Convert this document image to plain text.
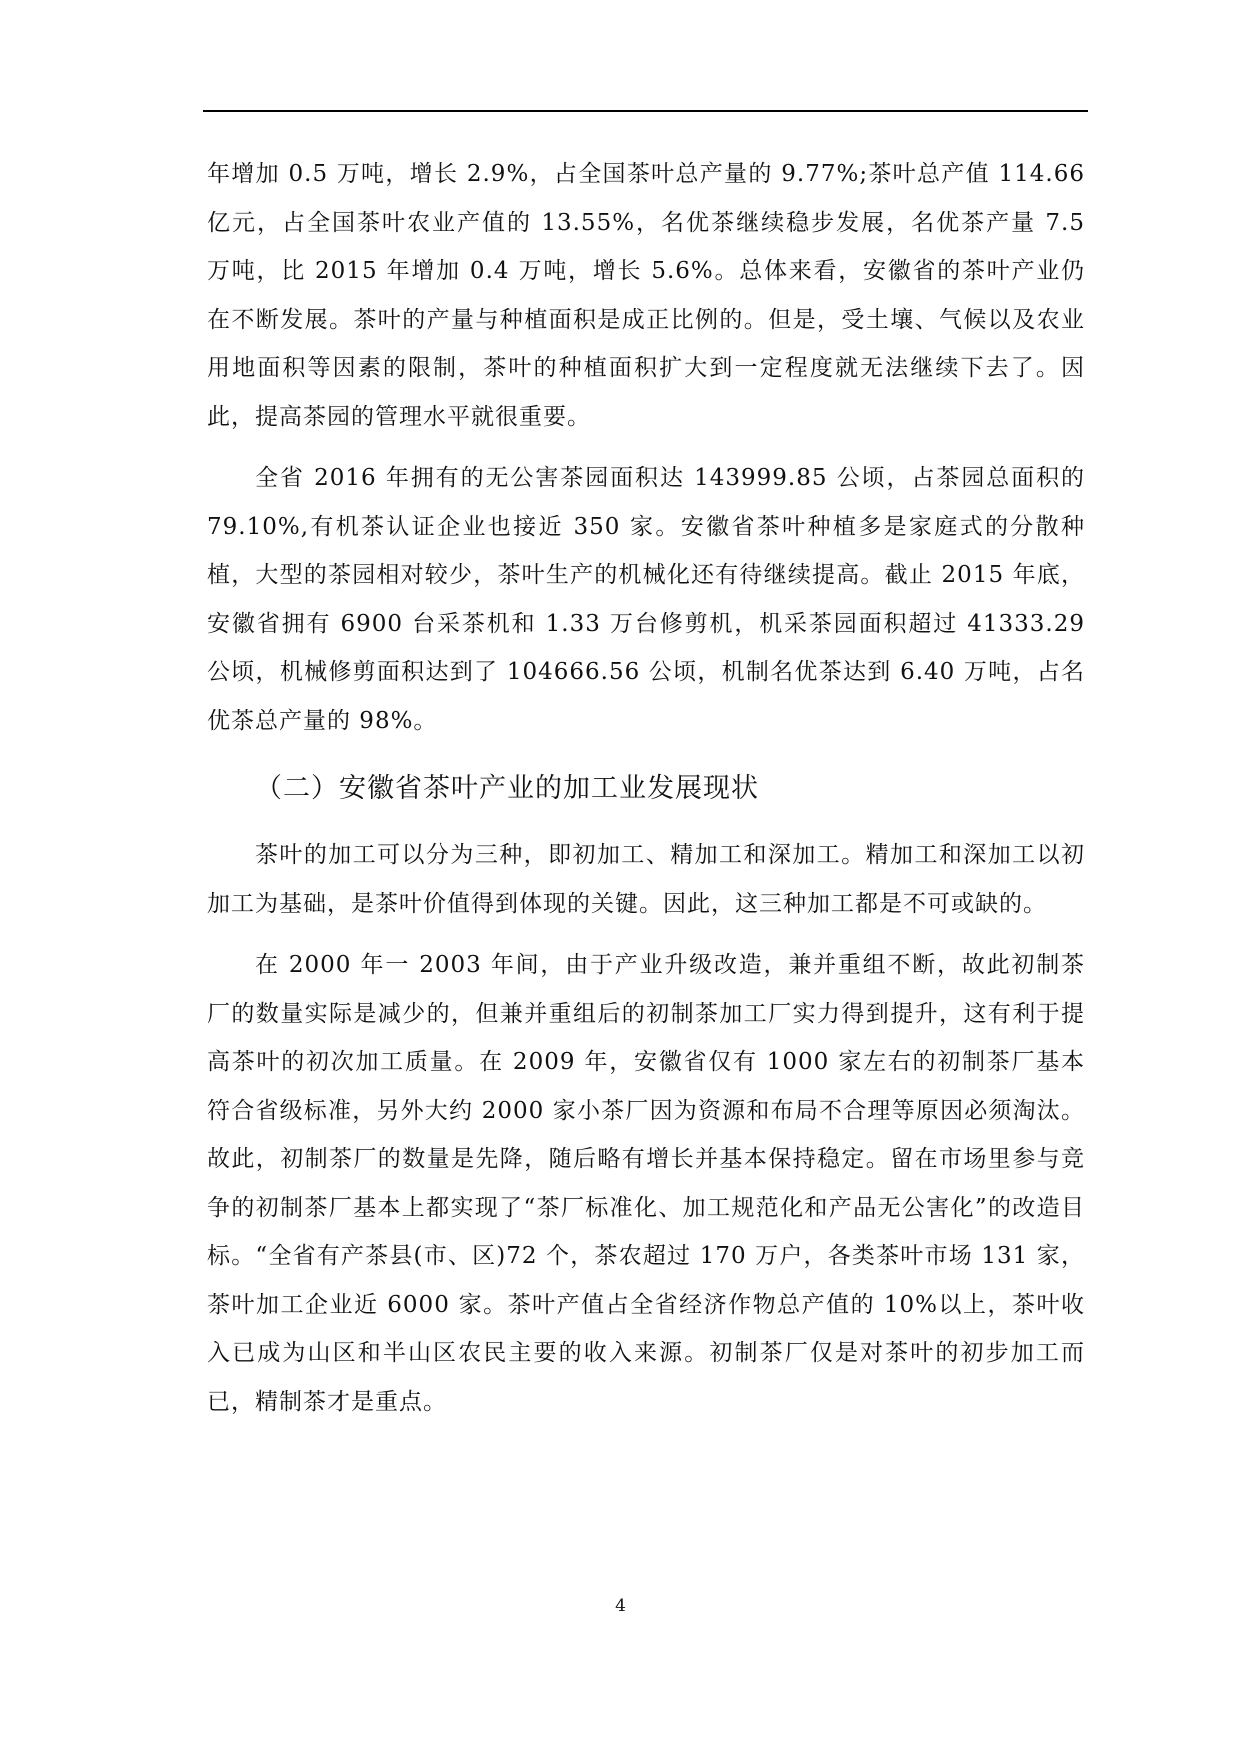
年增加 0.5 万吨，增长 2.9%，占全国茶叶总产量的 9.77%;茶叶总产值 114.66 亿元，占全国茶叶农业产值的 13.55%，名优茶继续稳步发展，名优茶产量 7.5 万吨，比 2015 年增加 0.4 万吨，增长 5.6%。总体来看，安徽省的茶叶产业仍在不断发展。茶叶的产量与种植面积是成正比例的。但是，受土壤、气候以及农业用地面积等因素的限制，茶叶的种植面积扩大到一定程度就无法继续下去了。因此，提高茶园的管理水平就很重要。

全省 2016 年拥有的无公害茶园面积达 143999.85 公顷，占茶园总面积的 79.10%,有机茶认证企业也接近 350 家。安徽省茶叶种植多是家庭式的分散种植，大型的茶园相对较少，茶叶生产的机械化还有待继续提高。截止 2015 年底，安徽省拥有 6900 台采茶机和 1.33 万台修剪机，机采茶园面积超过 41333.29 公顷，机械修剪面积达到了 104666.56 公顷，机制名优茶达到 6.40 万吨，占名优茶总产量的 98%。

（二）安徽省茶叶产业的加工业发展现状

茶叶的加工可以分为三种，即初加工、精加工和深加工。精加工和深加工以初加工为基础，是茶叶价值得到体现的关键。因此，这三种加工都是不可或缺的。

在 2000 年一 2003 年间，由于产业升级改造，兼并重组不断，故此初制茶厂的数量实际是减少的，但兼并重组后的初制茶加工厂实力得到提升，这有利于提高茶叶的初次加工质量。在 2009 年，安徽省仅有 1000 家左右的初制茶厂基本符合省级标准，另外大约 2000 家小茶厂因为资源和布局不合理等原因必须淘汰。故此，初制茶厂的数量是先降，随后略有增长并基本保持稳定。留在市场里参与竞争的初制茶厂基本上都实现了“茶厂标准化、加工规范化和产品无公害化”的改造目标。“全省有产茶县(市、区)72 个，茶农超过 170 万户，各类茶叶市场 131 家，茶叶加工企业近 6000 家。茶叶产值占全省经济作物总产值的 10%以上，茶叶收入已成为山区和半山区农民主要的收入来源。初制茶厂仅是对茶叶的初步加工而已，精制茶才是重点。

4
